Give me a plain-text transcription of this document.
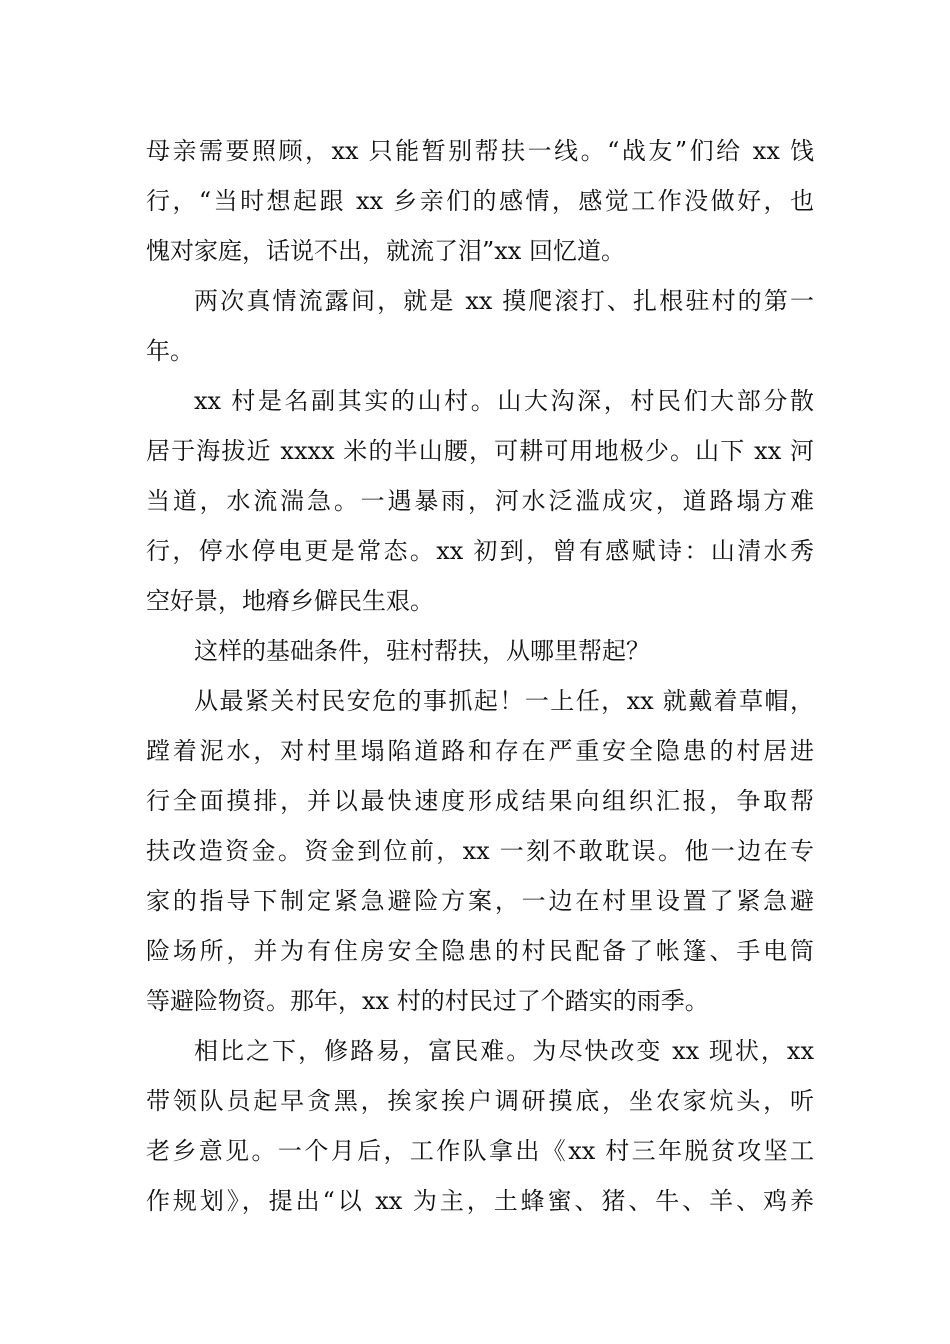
母亲需要照顾，xx 只能暂别帮扶一线。“战友”们给 xx 饯
行，“当时想起跟 xx 乡亲们的感情，感觉工作没做好，也
愧对家庭，话说不出，就流了泪”xx 回忆道。
两次真情流露间，就是 xx 摸爬滚打、扎根驻村的第一
年。
xx 村是名副其实的山村。山大沟深，村民们大部分散
居于海拔近 xxxx 米的半山腰，可耕可用地极少。山下 xx 河
当道，水流湍急。一遇暴雨，河水泛滥成灾，道路塌方难
行，停水停电更是常态。xx 初到，曾有感赋诗：山清水秀
空好景，地瘠乡僻民生艰。
这样的基础条件，驻村帮扶，从哪里帮起？
从最紧关村民安危的事抓起！一上任，xx 就戴着草帽，
蹚着泥水，对村里塌陷道路和存在严重安全隐患的村居进
行全面摸排，并以最快速度形成结果向组织汇报，争取帮
扶改造资金。资金到位前，xx 一刻不敢耽误。他一边在专
家的指导下制定紧急避险方案，一边在村里设置了紧急避
险场所，并为有住房安全隐患的村民配备了帐篷、手电筒
等避险物资。那年，xx 村的村民过了个踏实的雨季。
相比之下，修路易，富民难。为尽快改变 xx 现状，xx
带领队员起早贪黑，挨家挨户调研摸底，坐农家炕头，听
老乡意见。一个月后，工作队拿出《xx 村三年脱贫攻坚工
作规划》，提出“以 xx 为主，土蜂蜜、猪、牛、羊、鸡养
